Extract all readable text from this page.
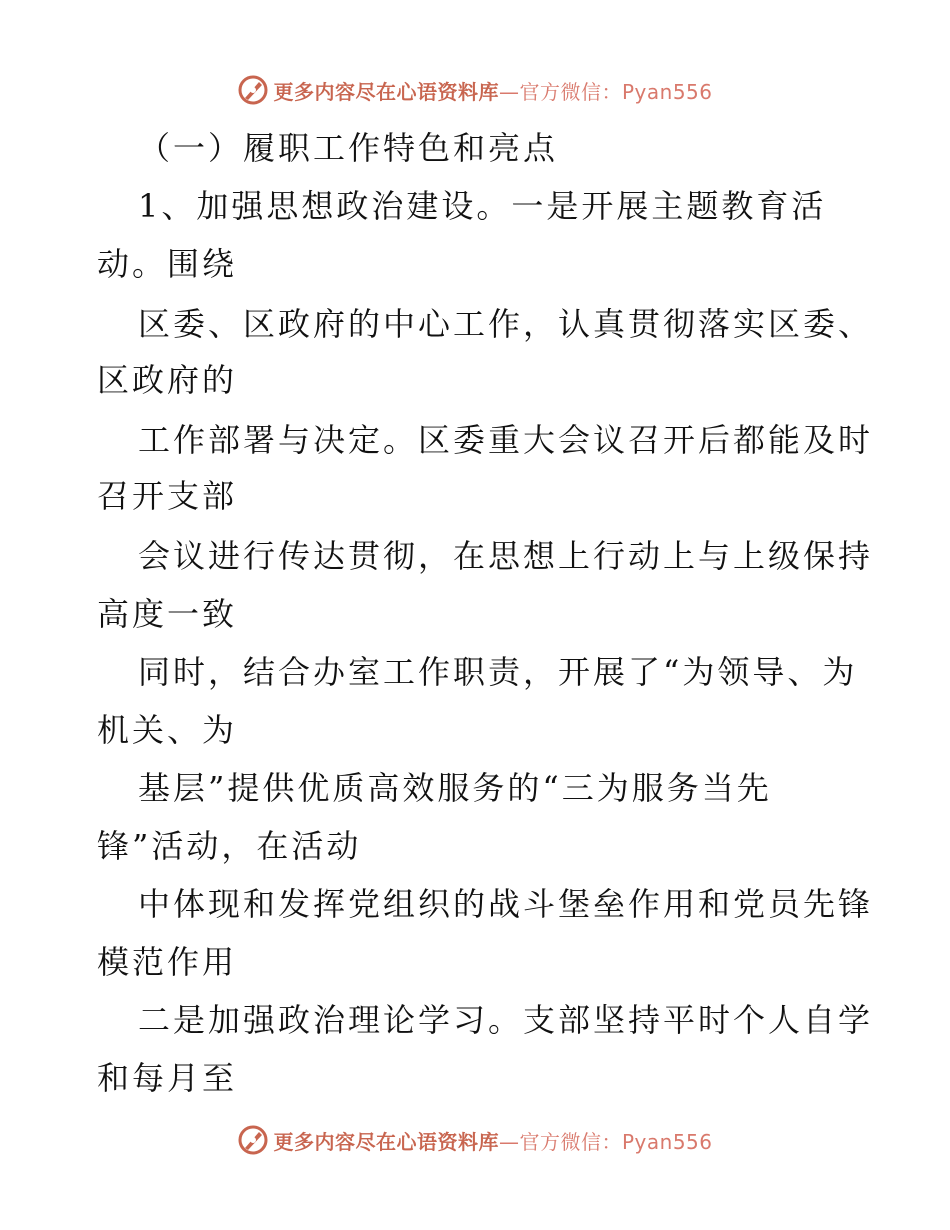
更多内容尽在心语资料库—官方微信：Pyan556
（一）履职工作特色和亮点
1、加强思想政治建设。一是开展主题教育活
动。围绕
区委、区政府的中心工作，认真贯彻落实区委、
区政府的
工作部署与决定。区委重大会议召开后都能及时
召开支部
会议进行传达贯彻，在思想上行动上与上级保持
高度一致
同时，结合办室工作职责，开展了“为领导、为
机关、为
基层”提供优质高效服务的“三为服务当先
锋”活动，在活动
中体现和发挥党组织的战斗堡垒作用和党员先锋
模范作用
二是加强政治理论学习。支部坚持平时个人自学
和每月至
更多内容尽在心语资料库—官方微信：Pyan556
